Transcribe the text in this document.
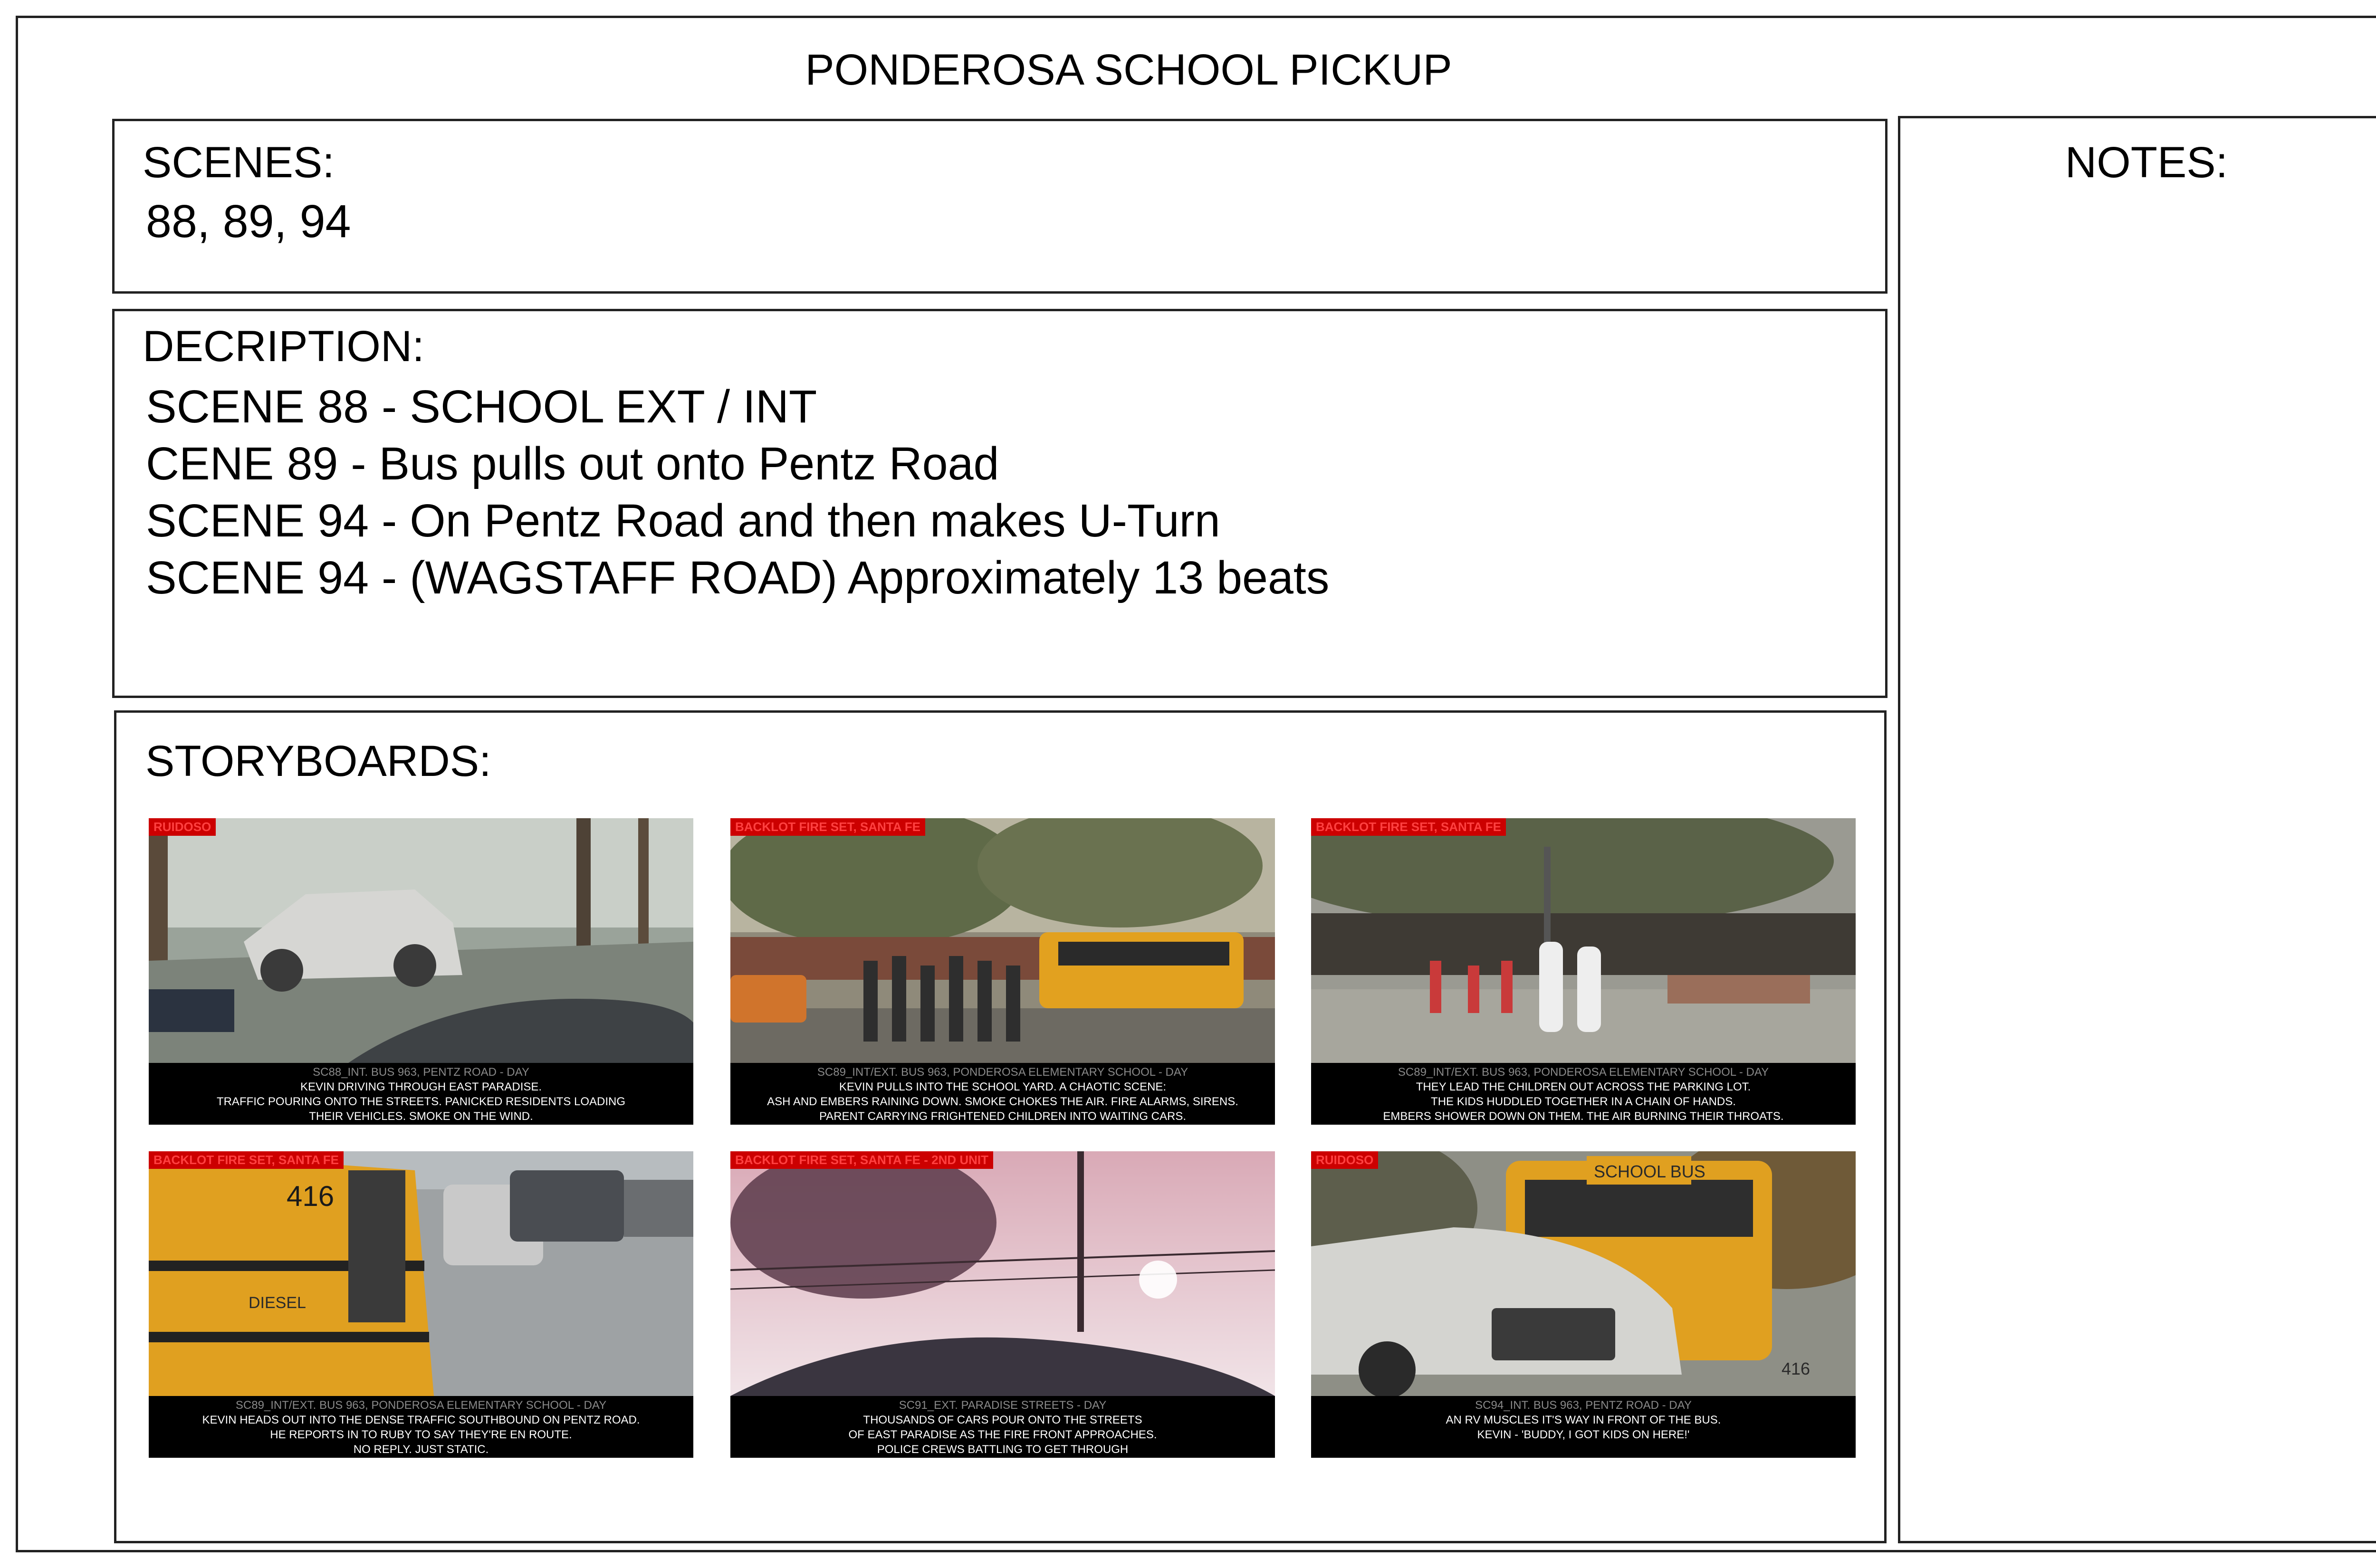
PONDEROSA SCHOOL PICKUP
SCENES:
88, 89, 94
DECRIPTION:
SCENE 88 - SCHOOL EXT / INT
CENE 89 - Bus pulls out onto Pentz Road
SCENE 94 - On Pentz Road and then makes U-Turn
SCENE 94 - (WAGSTAFF ROAD) Approximately 13 beats
NOTES:
STORYBOARDS:
RUIDOSO
SC88_INT. BUS 963, PENTZ ROAD - DAY
KEVIN DRIVING THROUGH EAST PARADISE.
TRAFFIC POURING ONTO THE STREETS. PANICKED RESIDENTS LOADING
THEIR VEHICLES. SMOKE ON THE WIND.
BACKLOT FIRE SET, SANTA FE
SC89_INT/EXT. BUS 963, PONDEROSA ELEMENTARY SCHOOL - DAY
KEVIN PULLS INTO THE SCHOOL YARD. A CHAOTIC SCENE:
ASH AND EMBERS RAINING DOWN. SMOKE CHOKES THE AIR. FIRE ALARMS, SIRENS.
PARENT CARRYING FRIGHTENED CHILDREN INTO WAITING CARS.
BACKLOT FIRE SET, SANTA FE
SC89_INT/EXT. BUS 963, PONDEROSA ELEMENTARY SCHOOL - DAY
THEY LEAD THE CHILDREN OUT ACROSS THE PARKING LOT.
THE KIDS HUDDLED TOGETHER IN A CHAIN OF HANDS.
EMBERS SHOWER DOWN ON THEM. THE AIR BURNING THEIR THROATS.
416
DIESEL
BACKLOT FIRE SET, SANTA FE
SC89_INT/EXT. BUS 963, PONDEROSA ELEMENTARY SCHOOL - DAY
KEVIN HEADS OUT INTO THE DENSE TRAFFIC SOUTHBOUND ON PENTZ ROAD.
HE REPORTS IN TO RUBY TO SAY THEY'RE EN ROUTE.
NO REPLY. JUST STATIC.
BACKLOT FIRE SET, SANTA FE - 2ND UNIT
SC91_EXT. PARADISE STREETS - DAY
THOUSANDS OF CARS POUR ONTO THE STREETS
OF EAST PARADISE AS THE FIRE FRONT APPROACHES.
POLICE CREWS BATTLING TO GET THROUGH
SCHOOL BUS
416
RUIDOSO
SC94_INT. BUS 963, PENTZ ROAD - DAY
AN RV MUSCLES IT'S WAY IN FRONT OF THE BUS.
KEVIN - 'BUDDY, I GOT KIDS ON HERE!'
